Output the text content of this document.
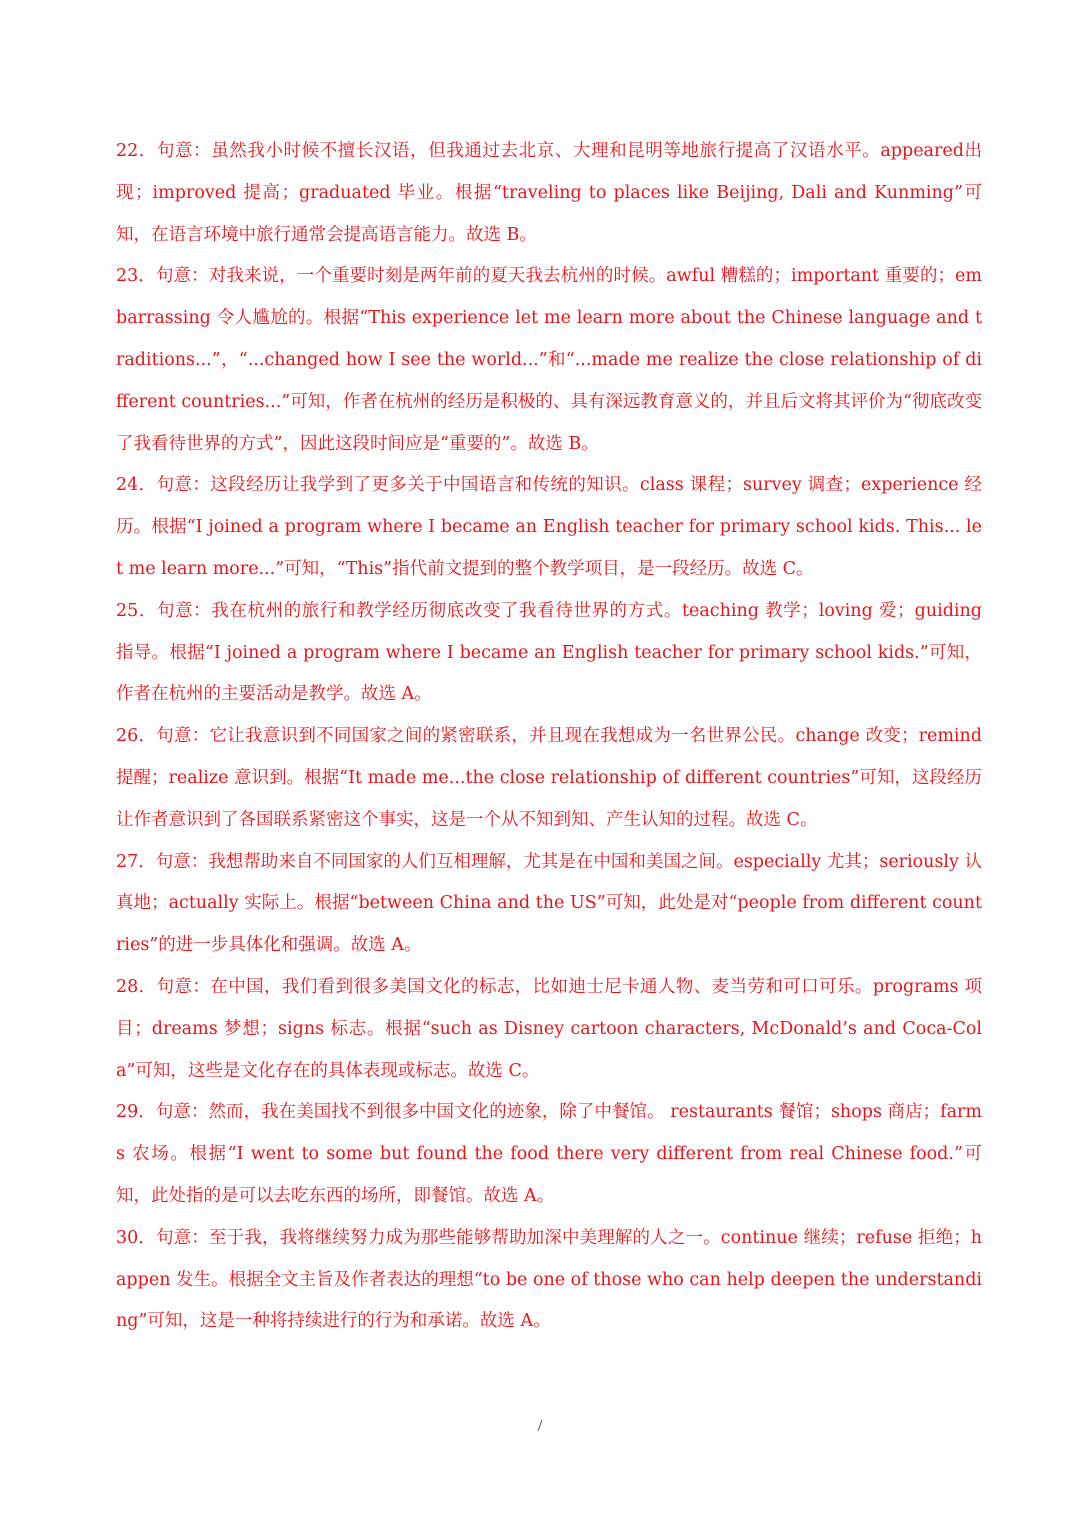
22．句意：虽然我小时候不擅长汉语，但我通过去北京、大理和昆明等地旅行提高了汉语水平。appeared出现；improved 提高；graduated 毕业。根据“traveling to places like Beijing, Dali and Kunming”可知，在语言环境中旅行通常会提高语言能力。故选 B。

23．句意：对我来说，一个重要时刻是两年前的夏天我去杭州的时候。awful 糟糕的；important 重要的；embarrassing 令人尴尬的。根据“This experience let me learn more about the Chinese language and traditions...”，“...changed how I see the world...”和“...made me realize the close relationship of different countries...”可知，作者在杭州的经历是积极的、具有深远教育意义的，并且后文将其评价为“彻底改变了我看待世界的方式”，因此这段时间应是“重要的”。故选 B。

24．句意：这段经历让我学到了更多关于中国语言和传统的知识。class 课程；survey 调查；experience 经历。根据“I joined a program where I became an English teacher for primary school kids. This... let me learn more...”可知，“This”指代前文提到的整个教学项目，是一段经历。故选 C。

25．句意：我在杭州的旅行和教学经历彻底改变了我看待世界的方式。teaching 教学；loving 爱；guiding 指导。根据“I joined a program where I became an English teacher for primary school kids.”可知，作者在杭州的主要活动是教学。故选 A。

26．句意：它让我意识到不同国家之间的紧密联系，并且现在我想成为一名世界公民。change 改变；remind 提醒；realize 意识到。根据“It made me...the close relationship of different countries”可知，这段经历让作者意识到了各国联系紧密这个事实，这是一个从不知到知、产生认知的过程。故选 C。

27．句意：我想帮助来自不同国家的人们互相理解，尤其是在中国和美国之间。especially 尤其；seriously 认真地；actually 实际上。根据“between China and the US”可知，此处是对“people from different countries”的进一步具体化和强调。故选 A。

28．句意：在中国，我们看到很多美国文化的标志，比如迪士尼卡通人物、麦当劳和可口可乐。programs 项目；dreams 梦想；signs 标志。根据“such as Disney cartoon characters, McDonald’s and Coca-Cola”可知，这些是文化存在的具体表现或标志。故选 C。

29．句意：然而，我在美国找不到很多中国文化的迹象，除了中餐馆。 restaurants 餐馆；shops 商店；farms 农场。根据“I went to some but found the food there very different from real Chinese food.”可知，此处指的是可以去吃东西的场所，即餐馆。故选 A。

30．句意：至于我，我将继续努力成为那些能够帮助加深中美理解的人之一。continue 继续；refuse 拒绝；happen 发生。根据全文主旨及作者表达的理想“to be one of those who can help deepen the understanding”可知，这是一种将持续进行的行为和承诺。故选 A。

/
